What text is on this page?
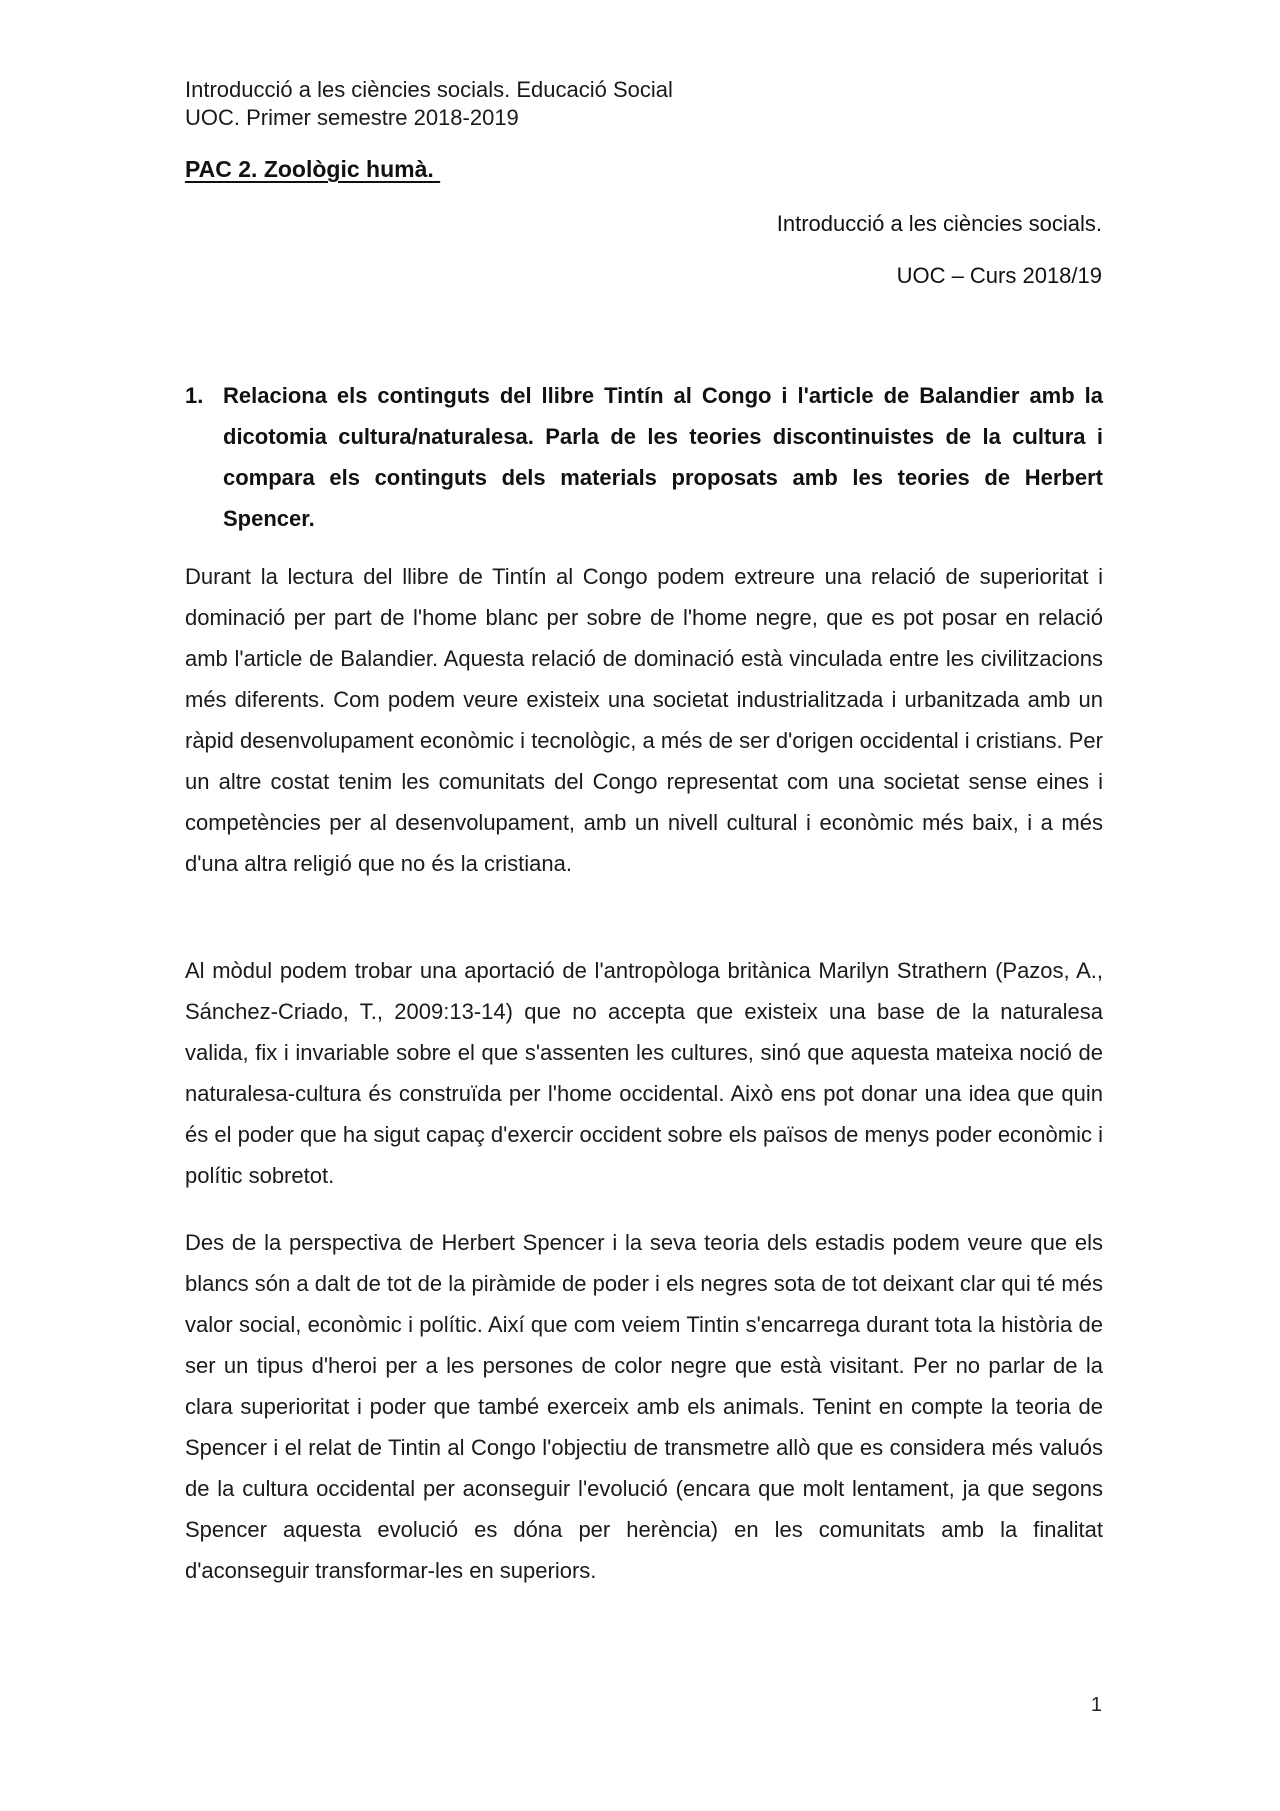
Introducció a les ciències socials. Educació Social
UOC. Primer semestre 2018-2019
PAC 2. Zoològic humà.
Introducció a les ciències socials.
UOC – Curs 2018/19
1. Relaciona els continguts del llibre Tintín al Congo i l'article de Balandier amb la dicotomia cultura/naturalesa. Parla de les teories discontinuistes de la cultura i compara els continguts dels materials proposats amb les teories de Herbert Spencer.

Durant la lectura del llibre de Tintín al Congo podem extreure una relació de superioritat i dominació per part de l'home blanc per sobre de l'home negre, que es pot posar en relació amb l'article de Balandier. Aquesta relació de dominació està vinculada entre les civilitzacions més diferents. Com podem veure existeix una societat industrialitzada i urbanitzada amb un ràpid desenvolupament econòmic i tecnològic, a més de ser d'origen occidental i cristians. Per un altre costat tenim les comunitats del Congo representat com una societat sense eines i competències per al desenvolupament, amb un nivell cultural i econòmic més baix, i a més d'una altra religió que no és la cristiana.

Al mòdul podem trobar una aportació de l'antropòloga britànica Marilyn Strathern (Pazos, A., Sánchez-Criado, T., 2009:13-14) que no accepta que existeix una base de la naturalesa valida, fix i invariable sobre el que s'assenten les cultures, sinó que aquesta mateixa noció de naturalesa-cultura és construïda per l'home occidental. Això ens pot donar una idea que quin és el poder que ha sigut capaç d'exercir occident sobre els països de menys poder econòmic i polític sobretot.

Des de la perspectiva de Herbert Spencer i la seva teoria dels estadis podem veure que els blancs són a dalt de tot de la piràmide de poder i els negres sota de tot deixant clar qui té més valor social, econòmic i polític. Així que com veiem Tintin s'encarrega durant tota la història de ser un tipus d'heroi per a les persones de color negre que està visitant. Per no parlar de la clara superioritat i poder que també exerceix amb els animals. Tenint en compte la teoria de Spencer i el relat de Tintin al Congo l'objectiu de transmetre allò que es considera més valuós de la cultura occidental per aconseguir l'evolució (encara que molt lentament, ja que segons Spencer aquesta evolució es dóna per herència) en les comunitats amb la finalitat d'aconseguir transformar-les en superiors.

1
